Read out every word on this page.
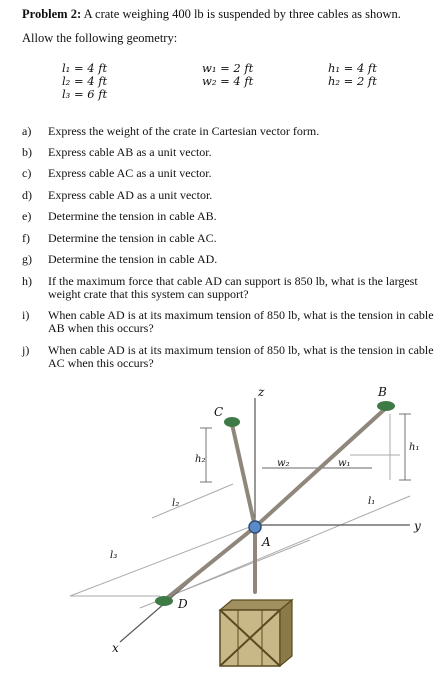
Problem 2: A crate weighing 400 lb is suspended by three cables as shown.
Allow the following geometry:
l₁ = 4 ft
l₂ = 4 ft
l₃ = 6 ft
w₁ = 2 ft
w₂ = 4 ft
h₁ = 4 ft
h₂ = 2 ft
a) Express the weight of the crate in Cartesian vector form.
b) Express cable AB as a unit vector.
c) Express cable AC as a unit vector.
d) Express cable AD as a unit vector.
e) Determine the tension in cable AB.
f) Determine the tension in cable AC.
g) Determine the tension in cable AD.
h) If the maximum force that cable AD can support is 850 lb, what is the largest weight crate that this system can support?
i) When cable AD is at its maximum tension of 850 lb, what is the tension in cable AB when this occurs?
j) When cable AD is at its maximum tension of 850 lb, what is the tension in cable AC when this occurs?
z
y
x
A
B
C
D
h₂
h₁
w₂	w₁
l₁
l₂
l₃
